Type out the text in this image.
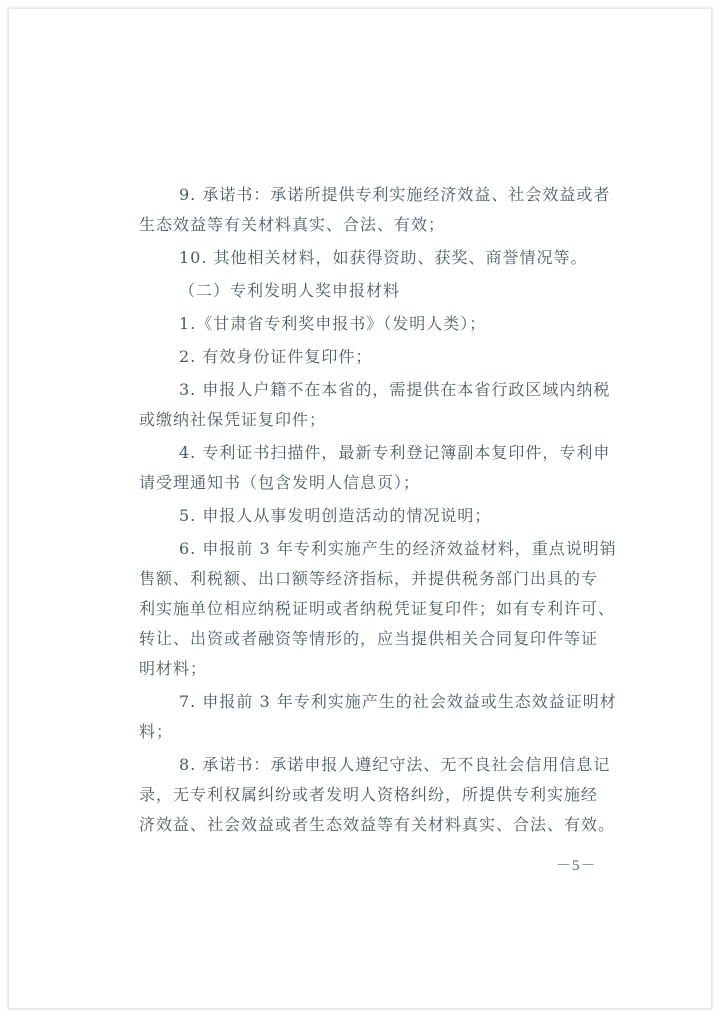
9. 承诺书：承诺所提供专利实施经济效益、社会效益或者
生态效益等有关材料真实、合法、有效；
10. 其他相关材料，如获得资助、获奖、商誉情况等。
（二）专利发明人奖申报材料
1.《甘肃省专利奖申报书》（发明人类）；
2. 有效身份证件复印件；
3. 申报人户籍不在本省的，需提供在本省行政区域内纳税
或缴纳社保凭证复印件；
4. 专利证书扫描件，最新专利登记簿副本复印件，专利申
请受理通知书（包含发明人信息页）；
5. 申报人从事发明创造活动的情况说明；
6. 申报前 3 年专利实施产生的经济效益材料，重点说明销
售额、利税额、出口额等经济指标，并提供税务部门出具的专
利实施单位相应纳税证明或者纳税凭证复印件；如有专利许可、
转让、出资或者融资等情形的，应当提供相关合同复印件等证
明材料；
7. 申报前 3 年专利实施产生的社会效益或生态效益证明材
料；
8. 承诺书：承诺申报人遵纪守法、无不良社会信用信息记
录，无专利权属纠纷或者发明人资格纠纷，所提供专利实施经
济效益、社会效益或者生态效益等有关材料真实、合法、有效。
－5－
